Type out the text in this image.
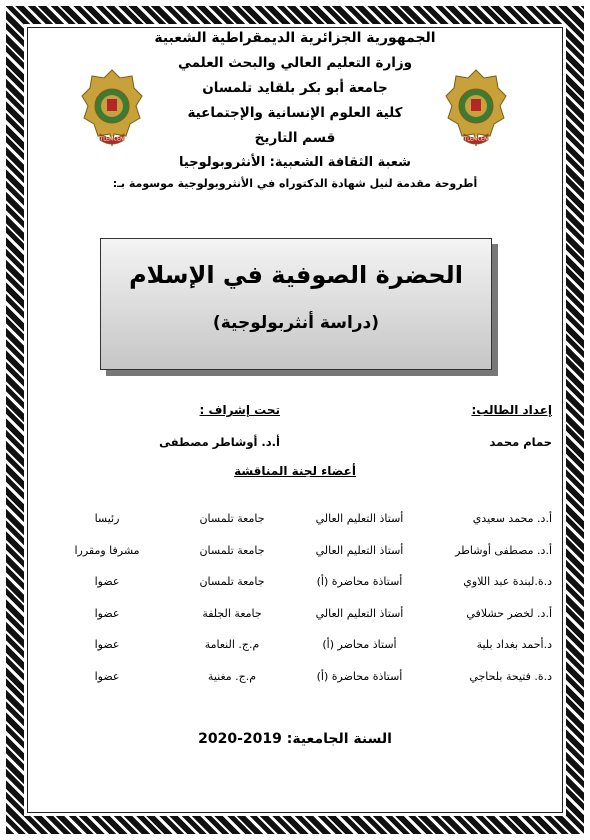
TLEMCEN
TLEMCEN
الجمهورية الجزائرية الديمقراطية الشعبية
وزارة التعليم العالي والبحث العلمي
جامعة أبو بكر بلقايد تلمسان
كلية العلوم الإنسانية والإجتماعية
قسم التاريخ
شعبة الثقافة الشعبية: الأنثروبولوجيا
أطروحة مقدمة لنيل شهادة الدكتوراه في الأنثروبولوجية موسومة بـ:
الحضرة الصوفية في الإسلام
(دراسة أنثربولوجية)
إعداد الطالب:
حمام محمد
تحت إشراف :
أ.د. أوشاطر مصطفى
أعضاء لجنة المناقشة
أ.د. محمد سعيدي
أستاذ التعليم العالي
جامعة تلمسان
رئيسا
أ.د. مصطفى أوشاطر
أستاذ التعليم العالي
جامعة تلمسان
مشرفا ومقررا
د.ة.لبندة عبد اللاوي
أستاذة محاضرة (أ)
جامعة تلمسان
عضوا
أ.د. لخضر حشلافي
أستاذ التعليم العالي
جامعة الجلفة
عضوا
د.أحمد بغداد بلية
أستاذ محاضر (أ)
م.ج. النعامة
عضوا
د.ة. فتيحة بلحاجي
أستاذة محاضرة (أ)
م.ج. مغنية
عضوا
السنة الجامعية: 2019-2020
